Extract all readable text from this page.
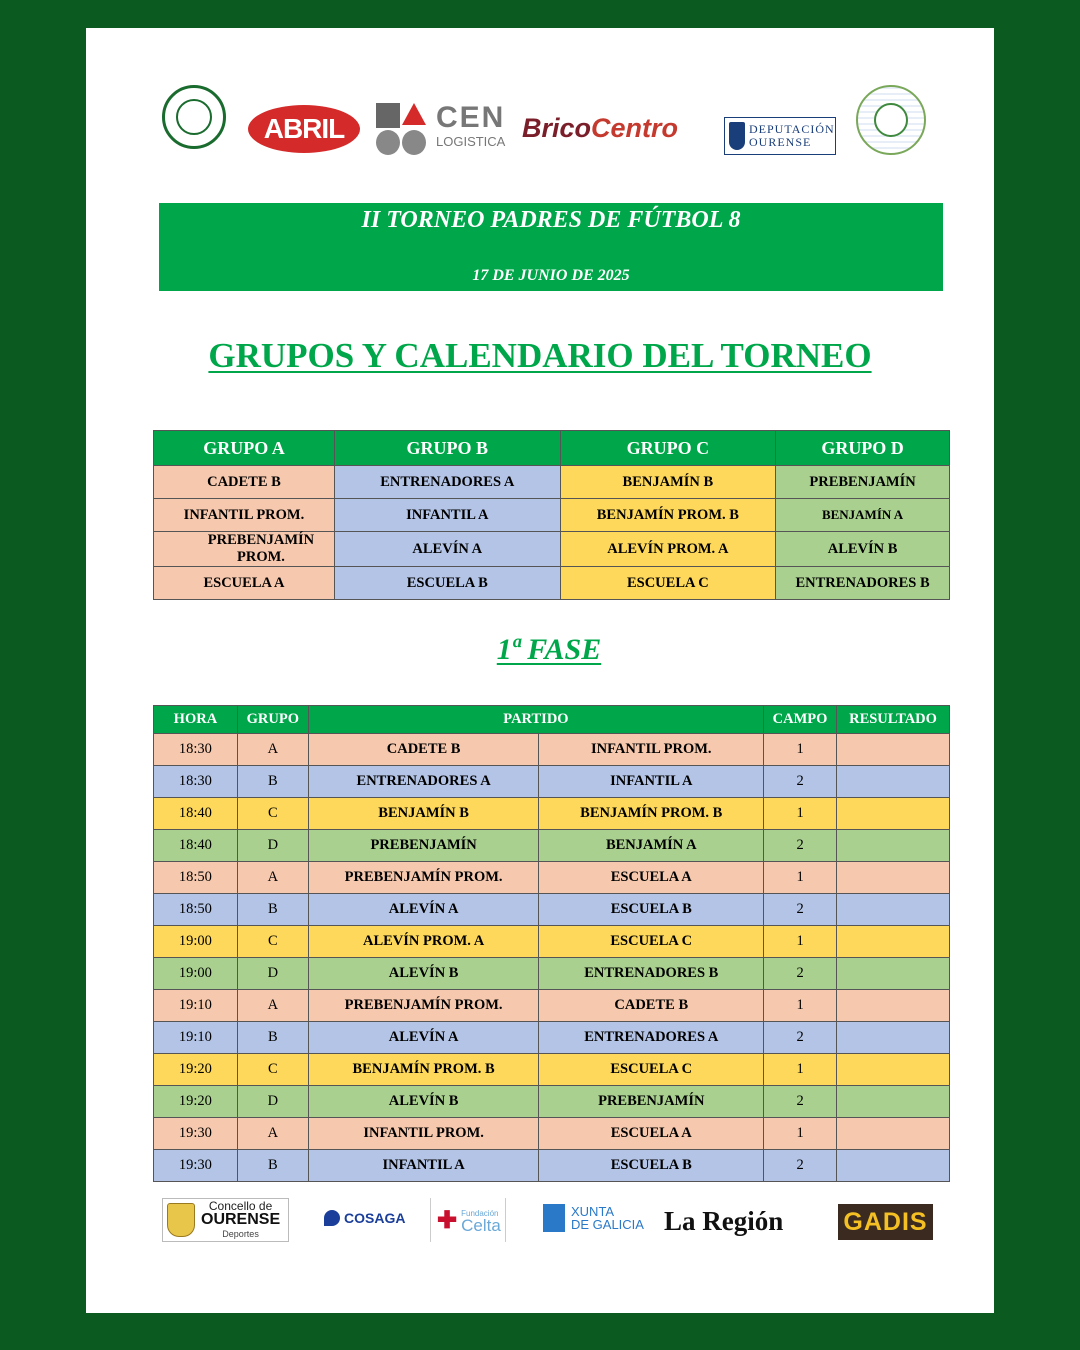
ABRIL	CEN
LOGISTICA BricoCentro	DEPUTACIÓN
OURENSE
II TORNEO PADRES DE FÚTBOL 8
17 DE JUNIO DE 2025
GRUPOS Y CALENDARIO DEL TORNEO
GRUPO A	GRUPO B	GRUPO C	GRUPO D
CADETE B	ENTRENADORES A	BENJAMÍN B	PREBENJAMÍN
INFANTIL PROM.	INFANTIL A	BENJAMÍN PROM. B	BENJAMÍN A
PREBENJAMÍN PROM.	ALEVÍN A	ALEVÍN PROM. A	ALEVÍN B
ESCUELA A	ESCUELA B	ESCUELA C	ENTRENADORES B
1ª FASE
HORA	GRUPO	PARTIDO		CAMPO	RESULTADO
18:30	A	CADETE B	INFANTIL PROM.	1	
18:30	B	ENTRENADORES A	INFANTIL A	2	
18:40	C	BENJAMÍN B	BENJAMÍN PROM. B	1	
18:40	D	PREBENJAMÍN	BENJAMÍN A	2	
18:50	A	PREBENJAMÍN PROM.	ESCUELA A	1	
18:50	B	ALEVÍN A	ESCUELA B	2	
19:00	C	ALEVÍN PROM. A	ESCUELA C	1	
19:00	D	ALEVÍN B	ENTRENADORES B	2	
19:10	A	PREBENJAMÍN PROM.	CADETE B	1	
19:10	B	ALEVÍN A	ENTRENADORES A	2	
19:20	C	BENJAMÍN PROM. B	ESCUELA C	1	
19:20	D	ALEVÍN B	PREBENJAMÍN	2	
19:30	A	INFANTIL PROM.	ESCUELA A	1	
19:30	B	INFANTIL A	ESCUELA B	2	
Concello de
OURENSE
Deportes
COSAGA ✚ Fundación
Celta
XUNTA
DE GALICIA La Región GADIS
